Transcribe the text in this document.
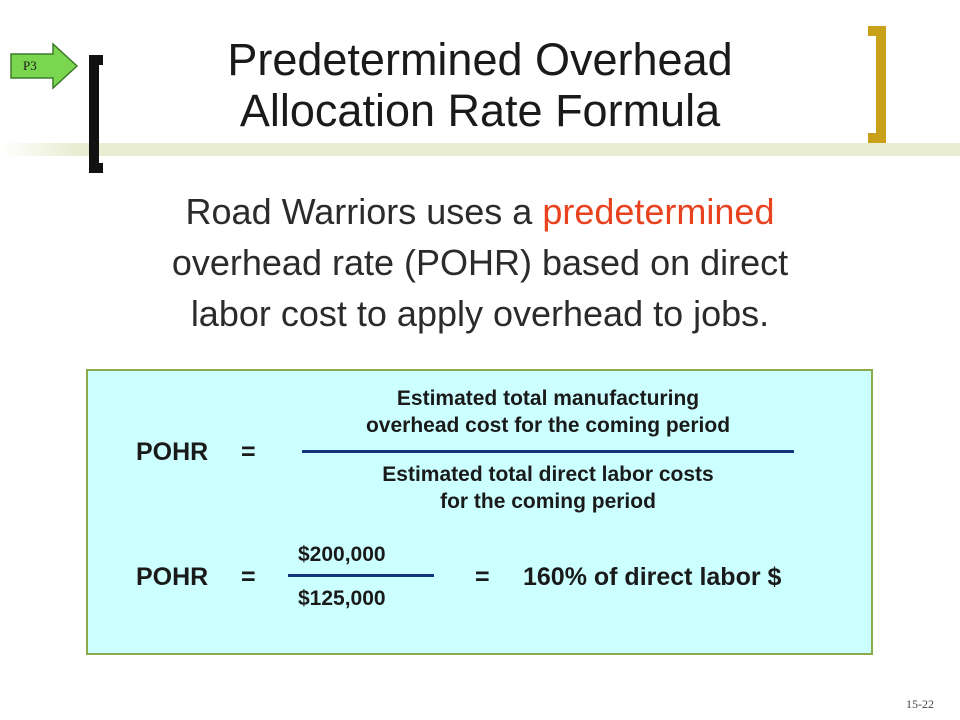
P3	Predetermined Overhead
Allocation Rate Formula
Road Warriors uses a predetermined
overhead rate (POHR) based on direct
labor cost to apply overhead to jobs.
POHR =
Estimated total manufacturing
overhead cost for the coming period
Estimated total direct labor costs
for the coming period
POHR =
$200,000
$125,000
= 160% of direct labor $
15-22
